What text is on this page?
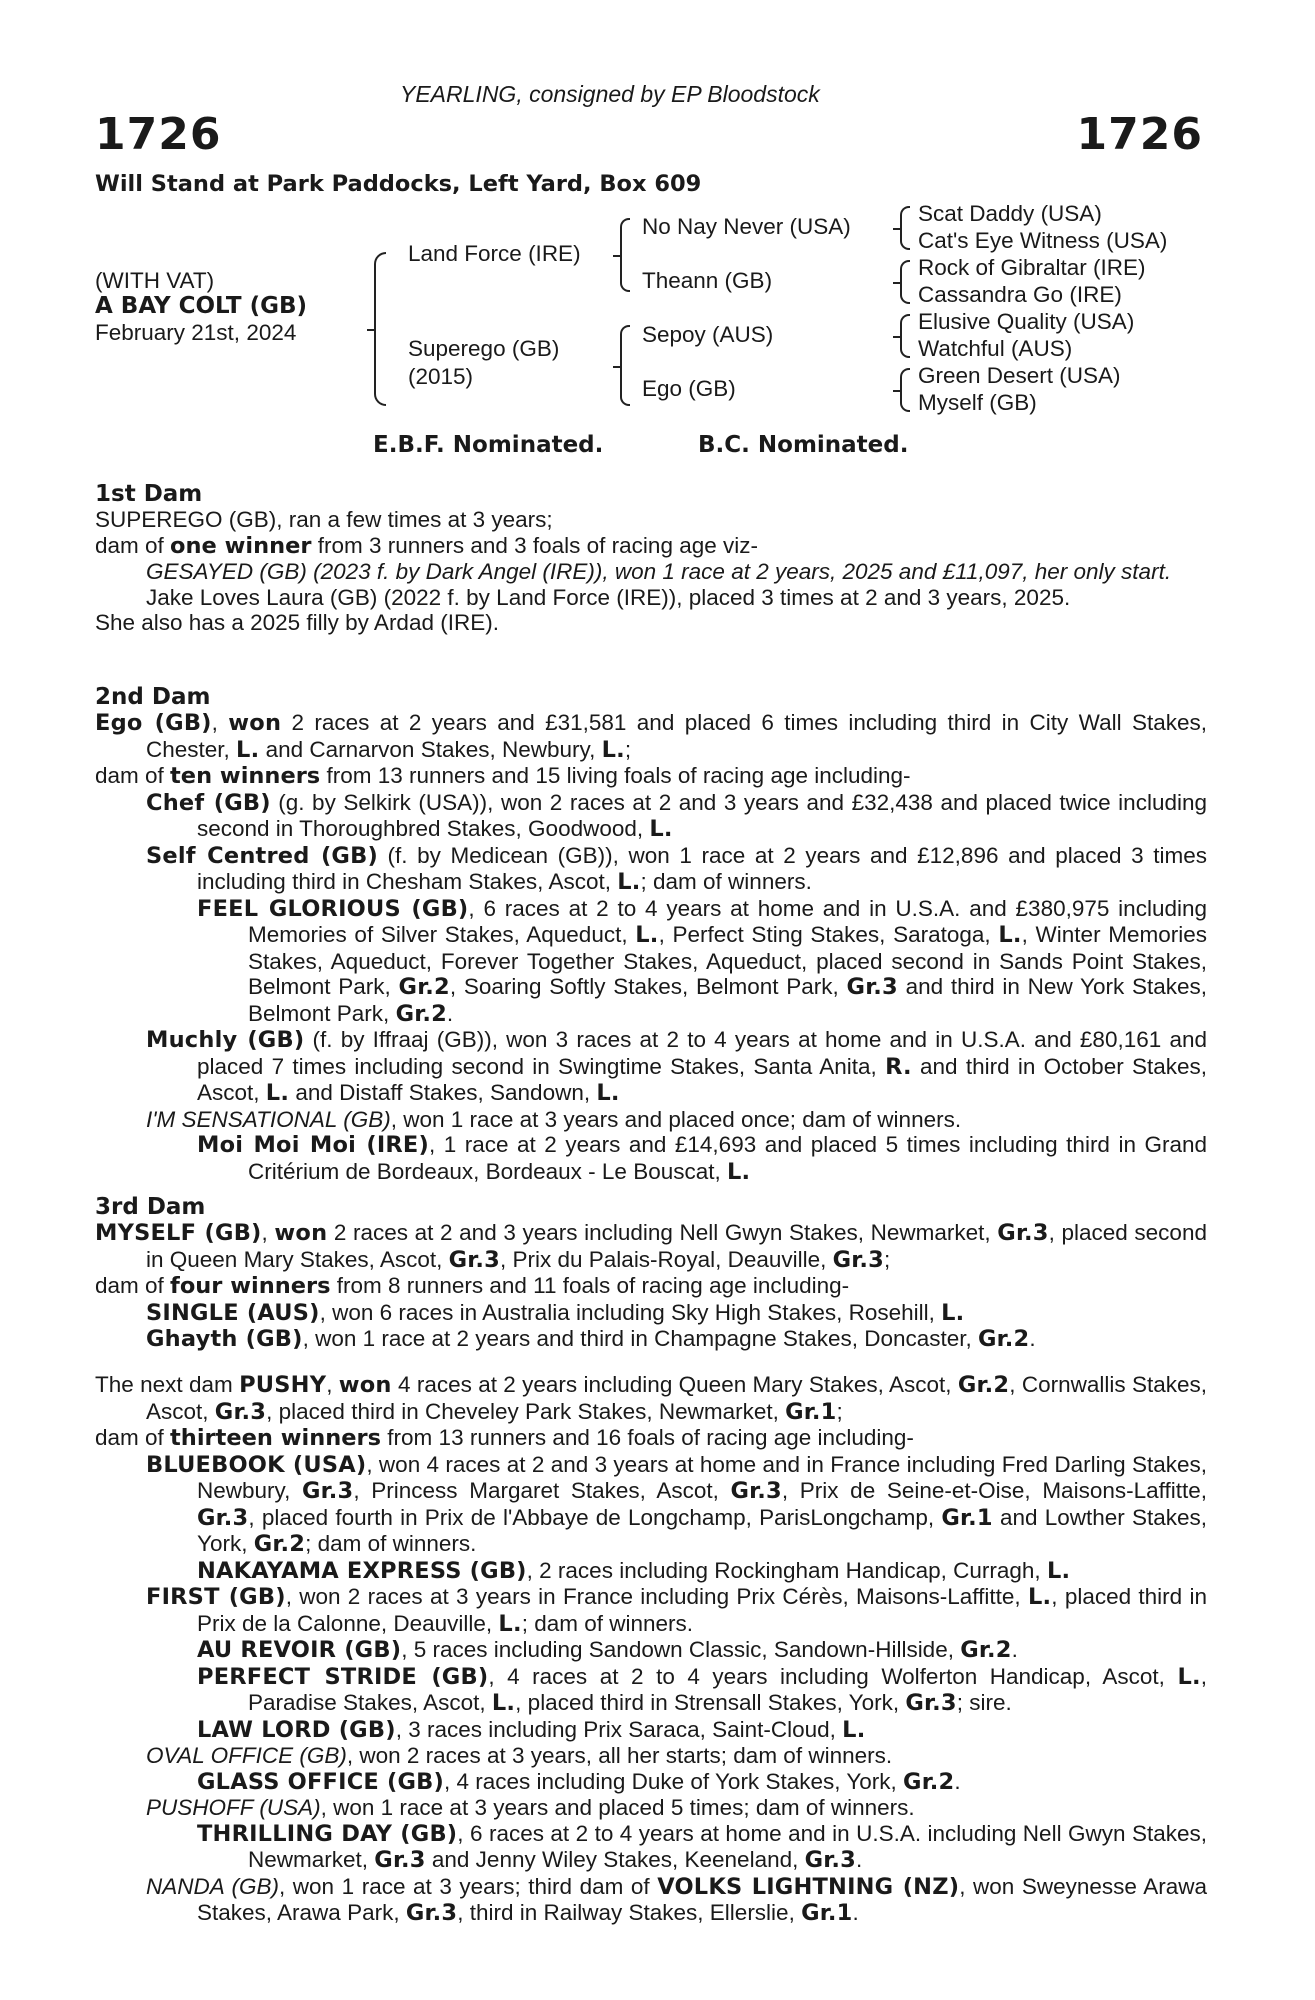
YEARLING, consigned by EP Bloodstock
1726	1726
Will Stand at Park Paddocks, Left Yard, Box 609
(WITH VAT)
A BAY COLT (GB)
February 21st, 2024
Land Force (IRE)
Superego (GB)
(2015)
No Nay Never (USA)
Theann (GB)
Sepoy (AUS)
Ego (GB)
Scat Daddy (USA)
Cat's Eye Witness (USA)
Rock of Gibraltar (IRE)
Cassandra Go (IRE)
Elusive Quality (USA)
Watchful (AUS)
Green Desert (USA)
Myself (GB)
E.B.F. Nominated.	B.C. Nominated.
1st Dam
SUPEREGO (GB), ran a few times at 3 years;
dam of one winner from 3 runners and 3 foals of racing age viz-
GESAYED (GB) (2023 f. by Dark Angel (IRE)), won 1 race at 2 years, 2025 and £11,097, her only start.
Jake Loves Laura (GB) (2022 f. by Land Force (IRE)), placed 3 times at 2 and 3 years, 2025.
She also has a 2025 filly by Ardad (IRE).
2nd Dam
Ego (GB), won 2 races at 2 years and £31,581 and placed 6 times including third in City Wall Stakes, Chester, L. and Carnarvon Stakes, Newbury, L.;
dam of ten winners from 13 runners and 15 living foals of racing age including-
Chef (GB) (g. by Selkirk (USA)), won 2 races at 2 and 3 years and £32,438 and placed twice including second in Thoroughbred Stakes, Goodwood, L.
Self Centred (GB) (f. by Medicean (GB)), won 1 race at 2 years and £12,896 and placed 3 times including third in Chesham Stakes, Ascot, L.; dam of winners.
FEEL GLORIOUS (GB), 6 races at 2 to 4 years at home and in U.S.A. and £380,975 including Memories of Silver Stakes, Aqueduct, L., Perfect Sting Stakes, Saratoga, L., Winter Memories Stakes, Aqueduct, Forever Together Stakes, Aqueduct, placed second in Sands Point Stakes, Belmont Park, Gr.2, Soaring Softly Stakes, Belmont Park, Gr.3 and third in New York Stakes, Belmont Park, Gr.2.
Muchly (GB) (f. by Iffraaj (GB)), won 3 races at 2 to 4 years at home and in U.S.A. and £80,161 and placed 7 times including second in Swingtime Stakes, Santa Anita, R. and third in October Stakes, Ascot, L. and Distaff Stakes, Sandown, L.
I'M SENSATIONAL (GB), won 1 race at 3 years and placed once; dam of winners.
Moi Moi Moi (IRE), 1 race at 2 years and £14,693 and placed 5 times including third in Grand Critérium de Bordeaux, Bordeaux - Le Bouscat, L.
3rd Dam
MYSELF (GB), won 2 races at 2 and 3 years including Nell Gwyn Stakes, Newmarket, Gr.3, placed second in Queen Mary Stakes, Ascot, Gr.3, Prix du Palais-Royal, Deauville, Gr.3;
dam of four winners from 8 runners and 11 foals of racing age including-
SINGLE (AUS), won 6 races in Australia including Sky High Stakes, Rosehill, L.
Ghayth (GB), won 1 race at 2 years and third in Champagne Stakes, Doncaster, Gr.2.
The next dam PUSHY, won 4 races at 2 years including Queen Mary Stakes, Ascot, Gr.2, Cornwallis Stakes, Ascot, Gr.3, placed third in Cheveley Park Stakes, Newmarket, Gr.1;
dam of thirteen winners from 13 runners and 16 foals of racing age including-
BLUEBOOK (USA), won 4 races at 2 and 3 years at home and in France including Fred Darling Stakes, Newbury, Gr.3, Princess Margaret Stakes, Ascot, Gr.3, Prix de Seine-et-Oise, Maisons-Laffitte, Gr.3, placed fourth in Prix de l'Abbaye de Longchamp, ParisLongchamp, Gr.1 and Lowther Stakes, York, Gr.2; dam of winners.
NAKAYAMA EXPRESS (GB), 2 races including Rockingham Handicap, Curragh, L.
FIRST (GB), won 2 races at 3 years in France including Prix Cérès, Maisons-Laffitte, L., placed third in Prix de la Calonne, Deauville, L.; dam of winners.
AU REVOIR (GB), 5 races including Sandown Classic, Sandown-Hillside, Gr.2.
PERFECT STRIDE (GB), 4 races at 2 to 4 years including Wolferton Handicap, Ascot, L., Paradise Stakes, Ascot, L., placed third in Strensall Stakes, York, Gr.3; sire.
LAW LORD (GB), 3 races including Prix Saraca, Saint-Cloud, L.
OVAL OFFICE (GB), won 2 races at 3 years, all her starts; dam of winners.
GLASS OFFICE (GB), 4 races including Duke of York Stakes, York, Gr.2.
PUSHOFF (USA), won 1 race at 3 years and placed 5 times; dam of winners.
THRILLING DAY (GB), 6 races at 2 to 4 years at home and in U.S.A. including Nell Gwyn Stakes, Newmarket, Gr.3 and Jenny Wiley Stakes, Keeneland, Gr.3.
NANDA (GB), won 1 race at 3 years; third dam of VOLKS LIGHTNING (NZ), won Sweynesse Arawa Stakes, Arawa Park, Gr.3, third in Railway Stakes, Ellerslie, Gr.1.
